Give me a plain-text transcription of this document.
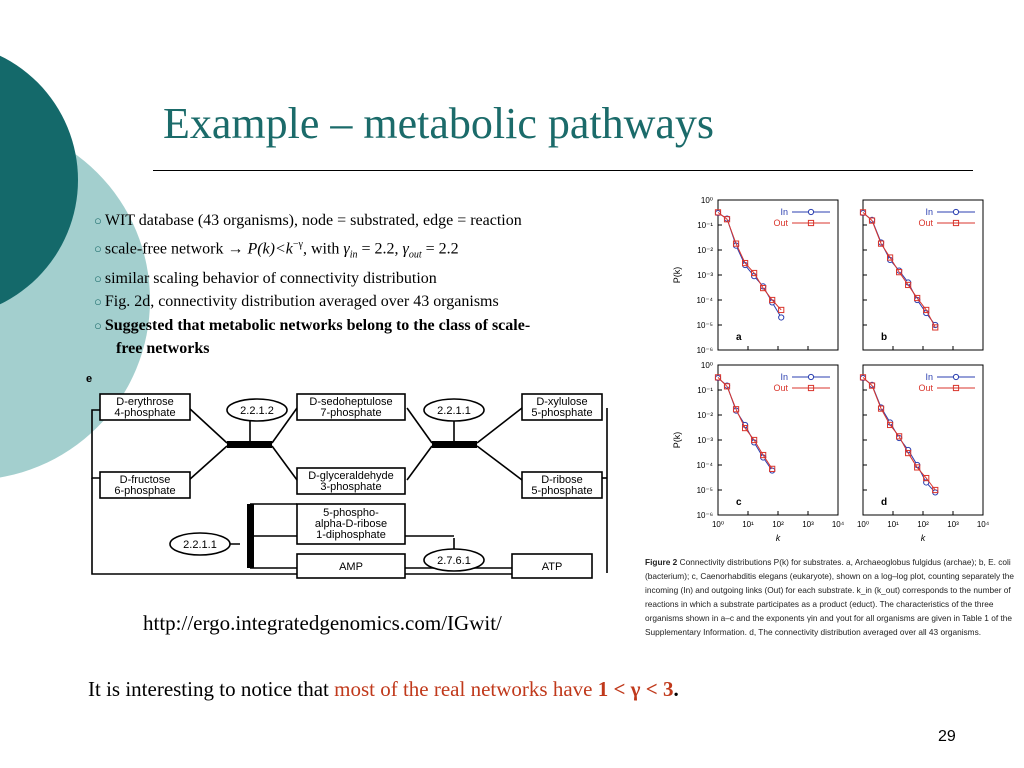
Example – metabolic pathways
○ WIT database (43 organisms), node = substrated, edge = reaction
○ scale-free network → $P(k)<k^{-\gamma}$, with $\gamma_{in} = 2.2$, $\gamma_{out} = 2.2$
○ similar scaling behavior of connectivity distribution
○ Fig. 2d, connectivity distribution averaged over 43 organisms
○ Suggested that metabolic networks belong to the class of scale-
free networks
e
D-erythrose
4-phosphate
D-sedoheptulose
7-phosphate
D-xylulose
5-phosphate
D-fructose
6-phosphate
D-glyceraldehyde
3-phosphate
D-ribose
5-phosphate
5-phospho-
alpha-D-ribose
1-diphosphate
AMP	ATP
2.2.1.2	2.2.1.1
2.2.1.1
2.7.6.1	Figure 2 Connectivity distributions P(k) for substrates. a, Archaeoglobus fulgidus (archae); b, E. coli (bacterium); c, Caenorhabditis elegans (eukaryote), shown on a log–log plot, counting separately the incoming (In) and outgoing links (Out) for each substrate. k_in (k_out) corresponds to the number of reactions in which a substrate participates as a product (educt). The characteristics of the three organisms shown in a–c and the exponents γin and γout for all organisms are given in Table 1 of the Supplementary Information. d, The connectivity distribution averaged over all 43 organisms.
10⁻⁶
10⁻⁵
10⁻⁴
10⁻³
10⁻²
10⁻¹
10⁰
In
Out
a
P(k)
In
Out
b
10⁻⁶
10⁻⁵
10⁻⁴
10⁻³
10⁻²
10⁻¹
10⁰
10⁰ 10¹ 10² 10³ 10⁴
In
Out
c
P(k)
k
10⁰ 10¹ 10² 10³ 10⁴
In
Out
d
k
http://ergo.integratedgenomics.com/IGwit/
It is interesting to notice that most of the real networks have 1 < γ < 3.
29
